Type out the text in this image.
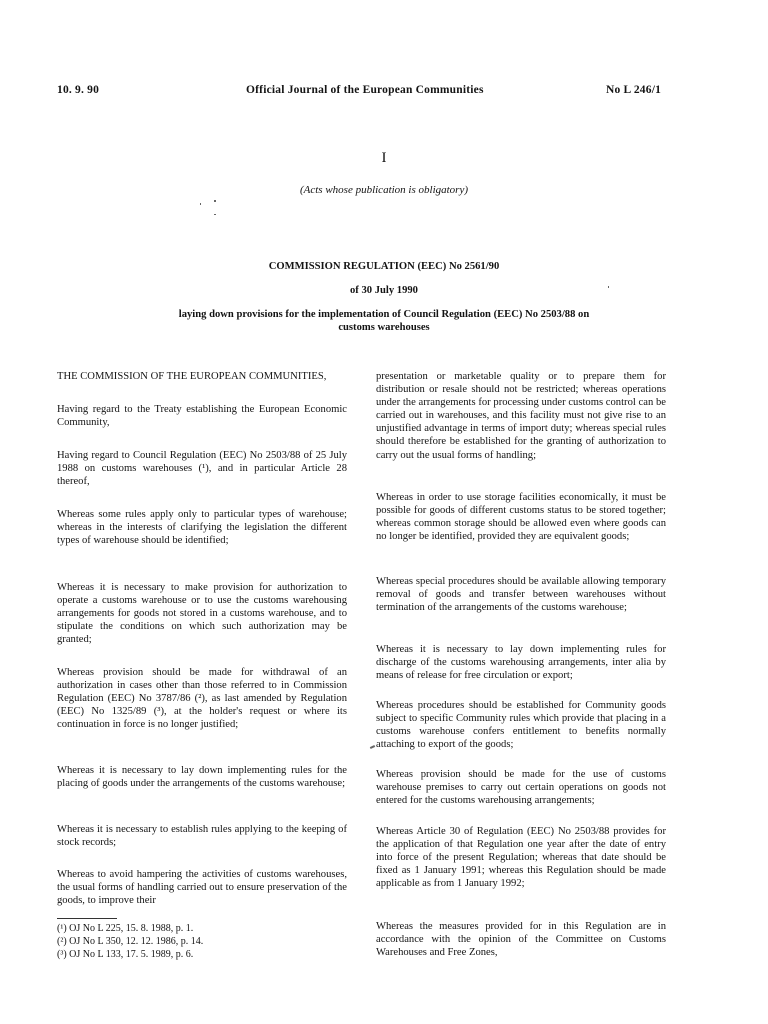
10. 9. 90	Official Journal of the European Communities	No L 246/1
I
(Acts whose publication is obligatory)
COMMISSION REGULATION (EEC) No 2561/90
of 30 July 1990
laying down provisions for the implementation of Council Regulation (EEC) No 2503/88 on
customs warehouses

THE COMMISSION OF THE EUROPEAN COMMUNITIES,

Having regard to the Treaty establishing the European Economic Community,

Having regard to Council Regulation (EEC) No 2503/88 of 25 July 1988 on customs warehouses (¹), and in particular Article 28 thereof,

Whereas some rules apply only to particular types of warehouse; whereas in the interests of clarifying the legislation the different types of warehouse should be identified;

Whereas it is necessary to make provision for authorization to operate a customs warehouse or to use the customs warehousing arrangements for goods not stored in a customs warehouse, and to stipulate the conditions on which such authorization may be granted;

Whereas provision should be made for withdrawal of an authorization in cases other than those referred to in Commission Regulation (EEC) No 3787/86 (²), as last amended by Regulation (EEC) No 1325/89 (³), at the holder's request or where its continuation in force is no longer justified;

Whereas it is necessary to lay down implementing rules for the placing of goods under the arrangements of the customs warehouse;

Whereas it is necessary to establish rules applying to the keeping of stock records;

Whereas to avoid hampering the activities of customs warehouses, the usual forms of handling carried out to ensure preservation of the goods, to improve their

presentation or marketable quality or to prepare them for distribution or resale should not be restricted; whereas operations under the arrangements for processing under customs control can be carried out in warehouses, and this facility must not give rise to an unjustified advantage in terms of import duty; whereas special rules should therefore be established for the granting of authorization to carry out the usual forms of handling;

Whereas in order to use storage facilities economically, it must be possible for goods of different customs status to be stored together; whereas common storage should be allowed even where goods can no longer be identified, provided they are equivalent goods;

Whereas special procedures should be available allowing temporary removal of goods and transfer between warehouses without termination of the arrangements of the customs warehouse;

Whereas it is necessary to lay down implementing rules for discharge of the customs warehousing arrangements, inter alia by means of release for free circulation or export;

Whereas procedures should be established for Community goods subject to specific Community rules which provide that placing in a customs warehouse confers entitlement to benefits normally attaching to export of the goods;

Whereas provision should be made for the use of customs warehouse premises to carry out certain operations on goods not entered for the customs warehousing arrangements;

Whereas Article 30 of Regulation (EEC) No 2503/88 provides for the application of that Regulation one year after the date of entry into force of the present Regulation; whereas that date should be fixed as 1 January 1991; whereas this Regulation should be made applicable as from 1 January 1992;

Whereas the measures provided for in this Regulation are in accordance with the opinion of the Committee on Customs Warehouses and Free Zones,

(¹) OJ No L 225, 15. 8. 1988, p. 1.
(²) OJ No L 350, 12. 12. 1986, p. 14.
(³) OJ No L 133, 17. 5. 1989, p. 6.
